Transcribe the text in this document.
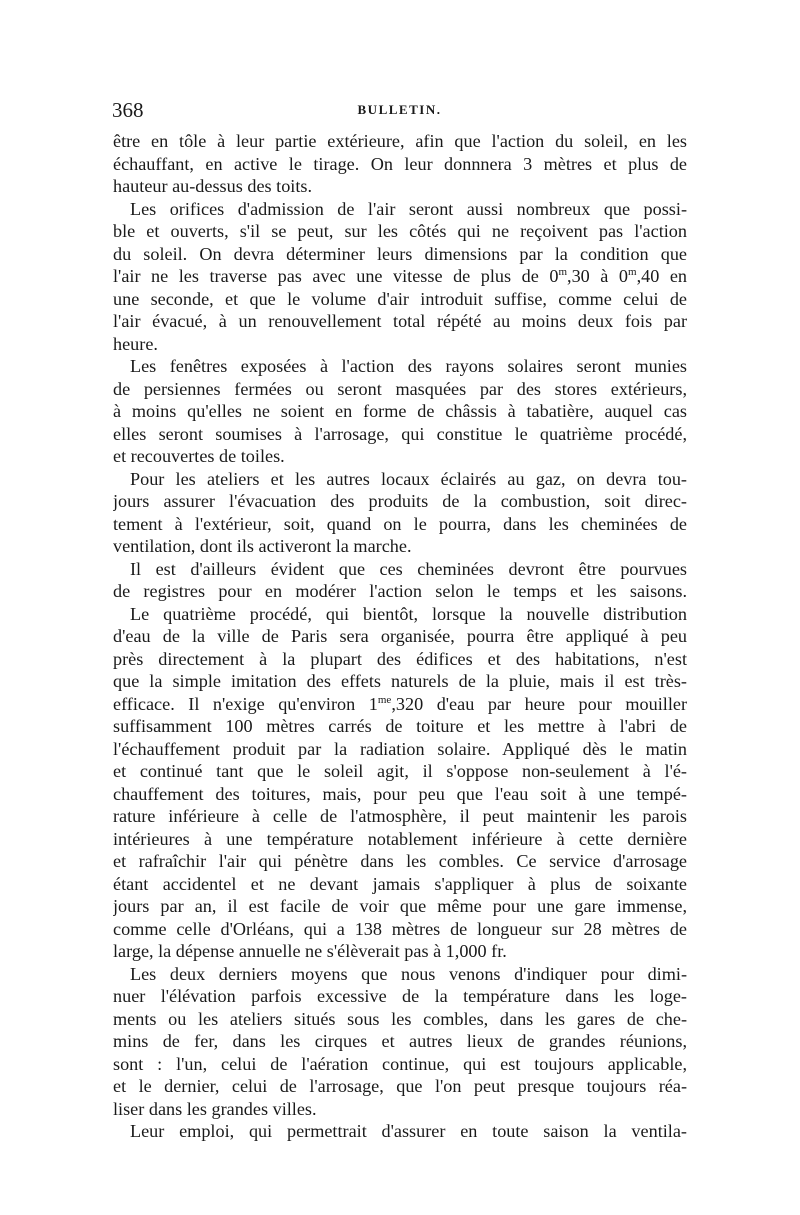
368	BULLETIN.
être en tôle à leur partie extérieure, afin que l'action du soleil, en les
échauffant, en active le tirage. On leur donnnera 3 mètres et plus de
hauteur au-dessus des toits.
Les orifices d'admission de l'air seront aussi nombreux que possi-
ble et ouverts, s'il se peut, sur les côtés qui ne reçoivent pas l'action
du soleil. On devra déterminer leurs dimensions par la condition que
l'air ne les traverse pas avec une vitesse de plus de 0$^m$,30 à 0$^m$,40 en
une seconde, et que le volume d'air introduit suffise, comme celui de
l'air évacué, à un renouvellement total répété au moins deux fois par
heure.
Les fenêtres exposées à l'action des rayons solaires seront munies
de persiennes fermées ou seront masquées par des stores extérieurs,
à moins qu'elles ne soient en forme de châssis à tabatière, auquel cas
elles seront soumises à l'arrosage, qui constitue le quatrième procédé,
et recouvertes de toiles.
Pour les ateliers et les autres locaux éclairés au gaz, on devra tou-
jours assurer l'évacuation des produits de la combustion, soit direc-
tement à l'extérieur, soit, quand on le pourra, dans les cheminées de
ventilation, dont ils activeront la marche.
Il est d'ailleurs évident que ces cheminées devront être pourvues
de registres pour en modérer l'action selon le temps et les saisons.
Le quatrième procédé, qui bientôt, lorsque la nouvelle distribution
d'eau de la ville de Paris sera organisée, pourra être appliqué à peu
près directement à la plupart des édifices et des habitations, n'est
que la simple imitation des effets naturels de la pluie, mais il est très-
efficace. Il n'exige qu'environ $1^{me},320$ d'eau par heure pour mouiller
suffisamment 100 mètres carrés de toiture et les mettre à l'abri de
l'échauffement produit par la radiation solaire. Appliqué dès le matin
et continué tant que le soleil agit, il s'oppose non-seulement à l'é-
chauffement des toitures, mais, pour peu que l'eau soit à une tempé-
rature inférieure à celle de l'atmosphère, il peut maintenir les parois
intérieures à une température notablement inférieure à cette dernière
et rafraîchir l'air qui pénètre dans les combles. Ce service d'arrosage
étant accidentel et ne devant jamais s'appliquer à plus de soixante
jours par an, il est facile de voir que même pour une gare immense,
comme celle d'Orléans, qui a 138 mètres de longueur sur 28 mètres de
large, la dépense annuelle ne s'élèverait pas à 1,000 fr.
Les deux derniers moyens que nous venons d'indiquer pour dimi-
nuer l'élévation parfois excessive de la température dans les loge-
ments ou les ateliers situés sous les combles, dans les gares de che-
mins de fer, dans les cirques et autres lieux de grandes réunions,
sont : l'un, celui de l'aération continue, qui est toujours applicable,
et le dernier, celui de l'arrosage, que l'on peut presque toujours réa-
liser dans les grandes villes.
Leur emploi, qui permettrait d'assurer en toute saison la ventila-
